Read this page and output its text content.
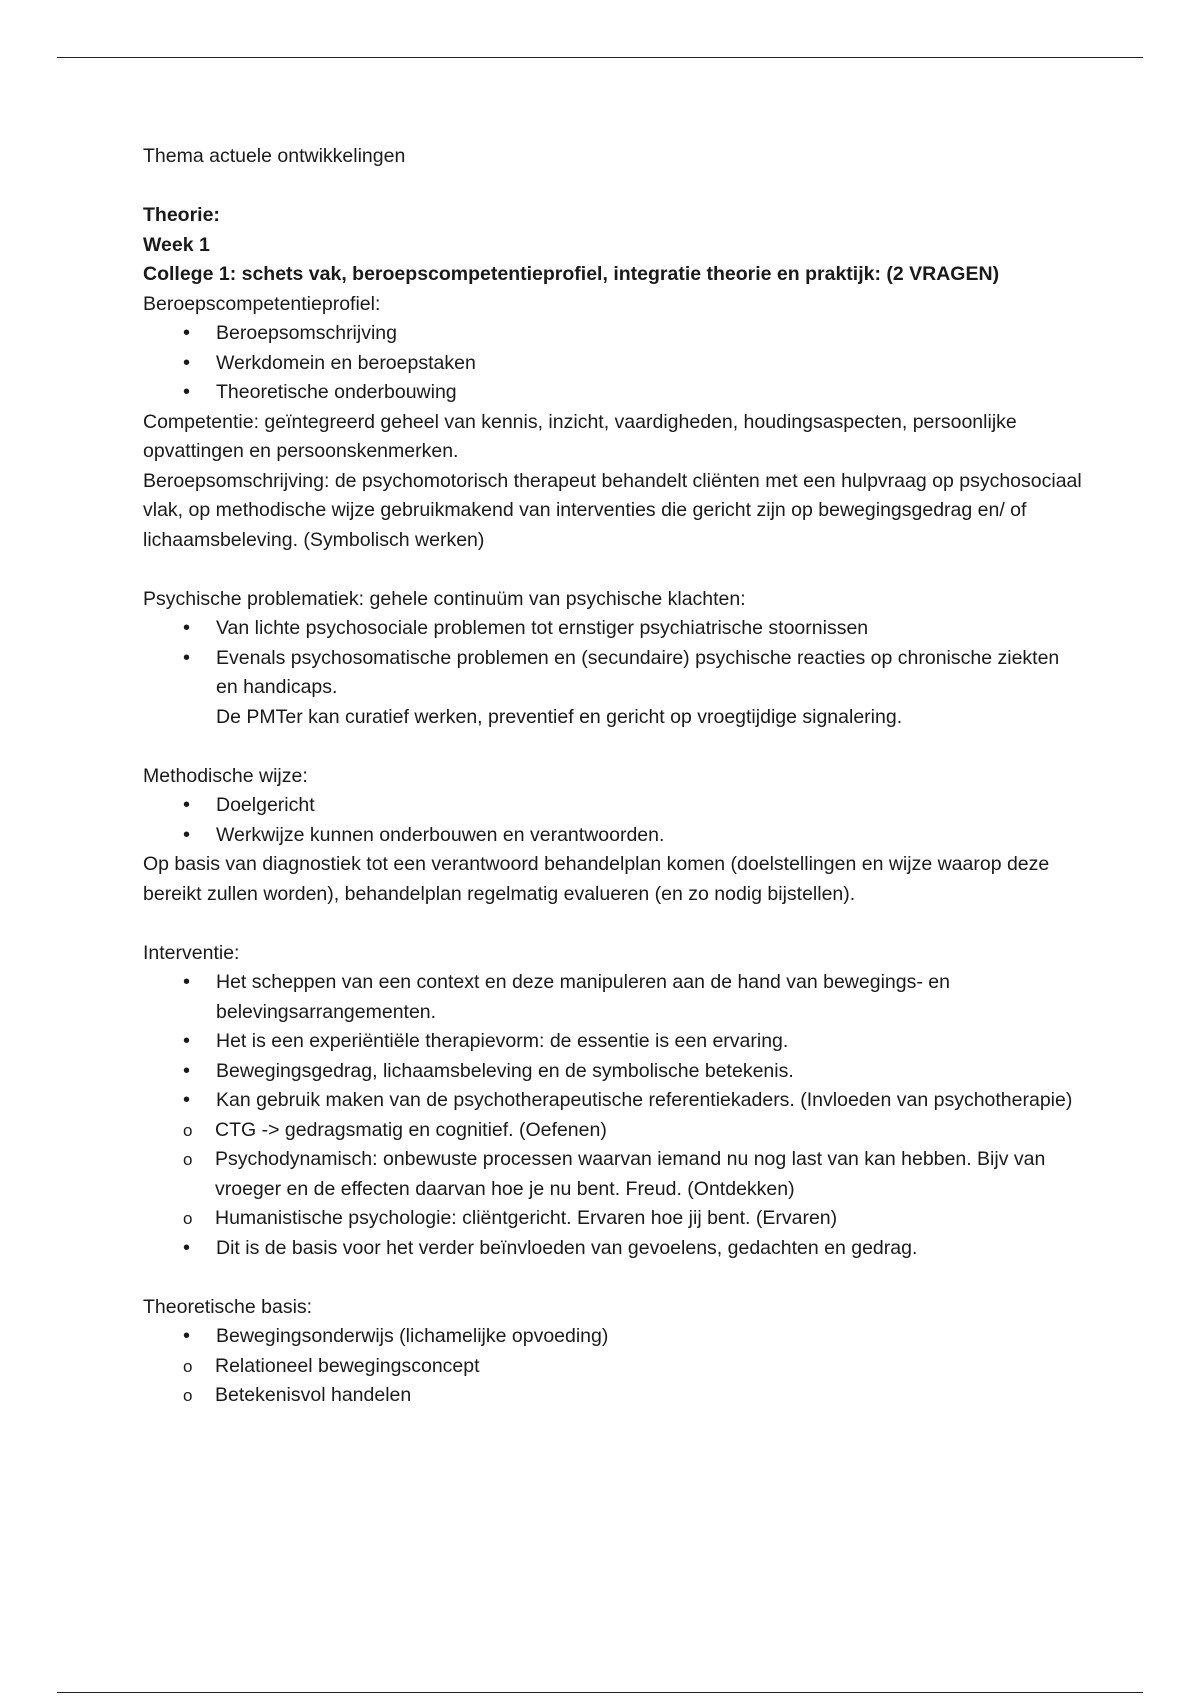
Thema actuele ontwikkelingen

Theorie:

Week 1

College 1: schets vak, beroepscompetentieprofiel, integratie theorie en praktijk: (2 VRAGEN)

Beroepscompetentieprofiel:

• Beroepsomschrijving
• Werkdomein en beroepstaken
• Theoretische onderbouwing

Competentie: geïntegreerd geheel van kennis, inzicht, vaardigheden, houdingsaspecten, persoonlijke opvattingen en persoonskenmerken.

Beroepsomschrijving: de psychomotorisch therapeut behandelt cliënten met een hulpvraag op psychosociaal vlak, op methodische wijze gebruikmakend van interventies die gericht zijn op bewegingsgedrag en/ of lichaamsbeleving. (Symbolisch werken)

Psychische problematiek: gehele continuüm van psychische klachten:

• Van lichte psychosociale problemen tot ernstiger psychiatrische stoornissen
• Evenals psychosomatische problemen en (secundaire) psychische reacties op chronische ziekten en handicaps.
De PMTer kan curatief werken, preventief en gericht op vroegtijdige signalering.

Methodische wijze:

• Doelgericht
• Werkwijze kunnen onderbouwen en verantwoorden.

Op basis van diagnostiek tot een verantwoord behandelplan komen (doelstellingen en wijze waarop deze bereikt zullen worden), behandelplan regelmatig evalueren (en zo nodig bijstellen).

Interventie:

• Het scheppen van een context en deze manipuleren aan de hand van bewegings- en belevingsarrangementen.
• Het is een experiëntiële therapievorm: de essentie is een ervaring.
• Bewegingsgedrag, lichaamsbeleving en de symbolische betekenis.
• Kan gebruik maken van de psychotherapeutische referentiekaders. (Invloeden van psychotherapie)
o CTG -> gedragsmatig en cognitief. (Oefenen)
o Psychodynamisch: onbewuste processen waarvan iemand nu nog last van kan hebben. Bijv van vroeger en de effecten daarvan hoe je nu bent. Freud. (Ontdekken)
o Humanistische psychologie: cliëntgericht. Ervaren hoe jij bent. (Ervaren)
• Dit is de basis voor het verder beïnvloeden van gevoelens, gedachten en gedrag.

Theoretische basis:

• Bewegingsonderwijs (lichamelijke opvoeding)
o Relationeel bewegingsconcept
o Betekenisvol handelen
